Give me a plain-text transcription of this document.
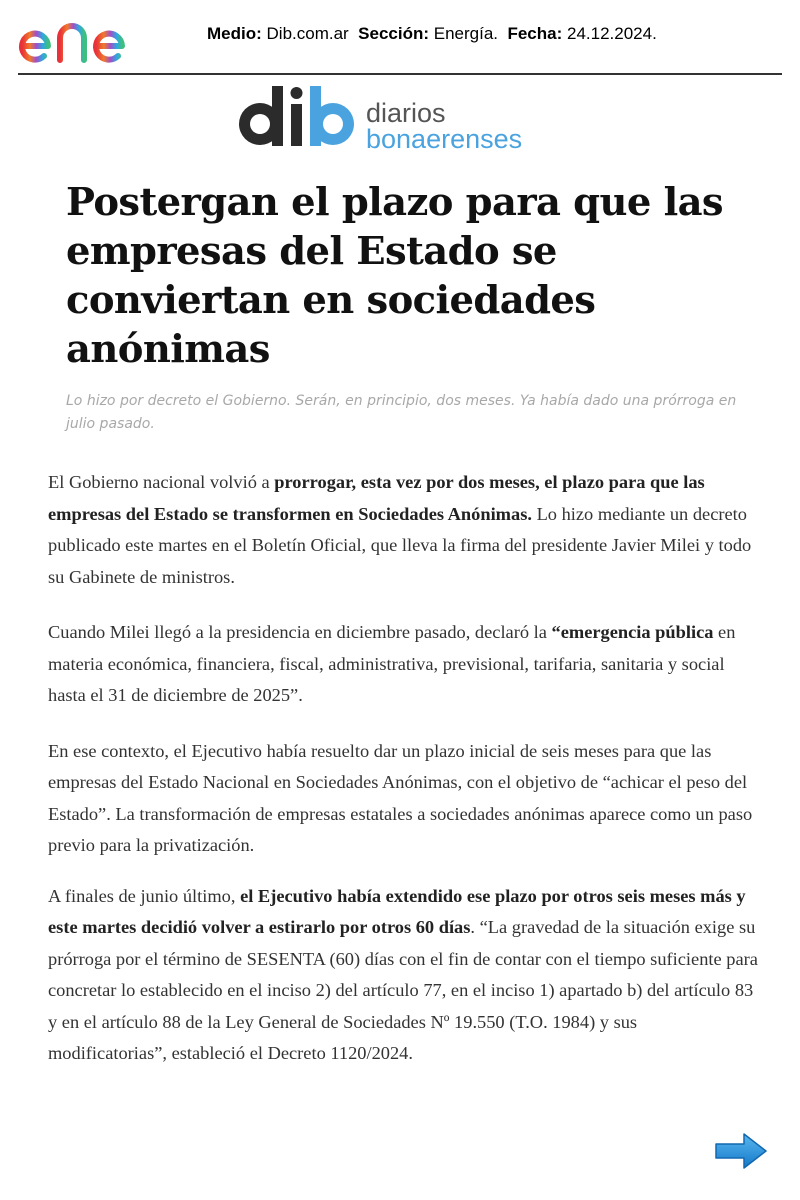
Medio: Dib.com.ar Sección: Energía. Fecha: 24.12.2024.
diarios
bonaerenses
Postergan el plazo para que las empresas del Estado se conviertan en sociedades anónimas

Lo hizo por decreto el Gobierno. Serán, en principio, dos meses. Ya había dado una prórroga en julio pasado.

El Gobierno nacional volvió a prorrogar, esta vez por dos meses, el plazo para que las empresas del Estado se transformen en Sociedades Anónimas. Lo hizo mediante un decreto publicado este martes en el Boletín Oficial, que lleva la firma del presidente Javier Milei y todo su Gabinete de ministros.

Cuando Milei llegó a la presidencia en diciembre pasado, declaró la “emergencia pública en materia económica, financiera, fiscal, administrativa, previsional, tarifaria, sanitaria y social hasta el 31 de diciembre de 2025”.

En ese contexto, el Ejecutivo había resuelto dar un plazo inicial de seis meses para que las empresas del Estado Nacional en Sociedades Anónimas, con el objetivo de “achicar el peso del Estado”. La transformación de empresas estatales a sociedades anónimas aparece como un paso previo para la privatización.

A finales de junio último, el Ejecutivo había extendido ese plazo por otros seis meses más y este martes decidió volver a estirarlo por otros 60 días. “La gravedad de la situación exige su prórroga por el término de SESENTA (60) días con el fin de contar con el tiempo suficiente para concretar lo establecido en el inciso 2) del artículo 77, en el inciso 1) apartado b) del artículo 83 y en el artículo 88 de la Ley General de Sociedades Nº 19.550 (T.O. 1984) y sus modificatorias”, estableció el Decreto 1120/2024.
